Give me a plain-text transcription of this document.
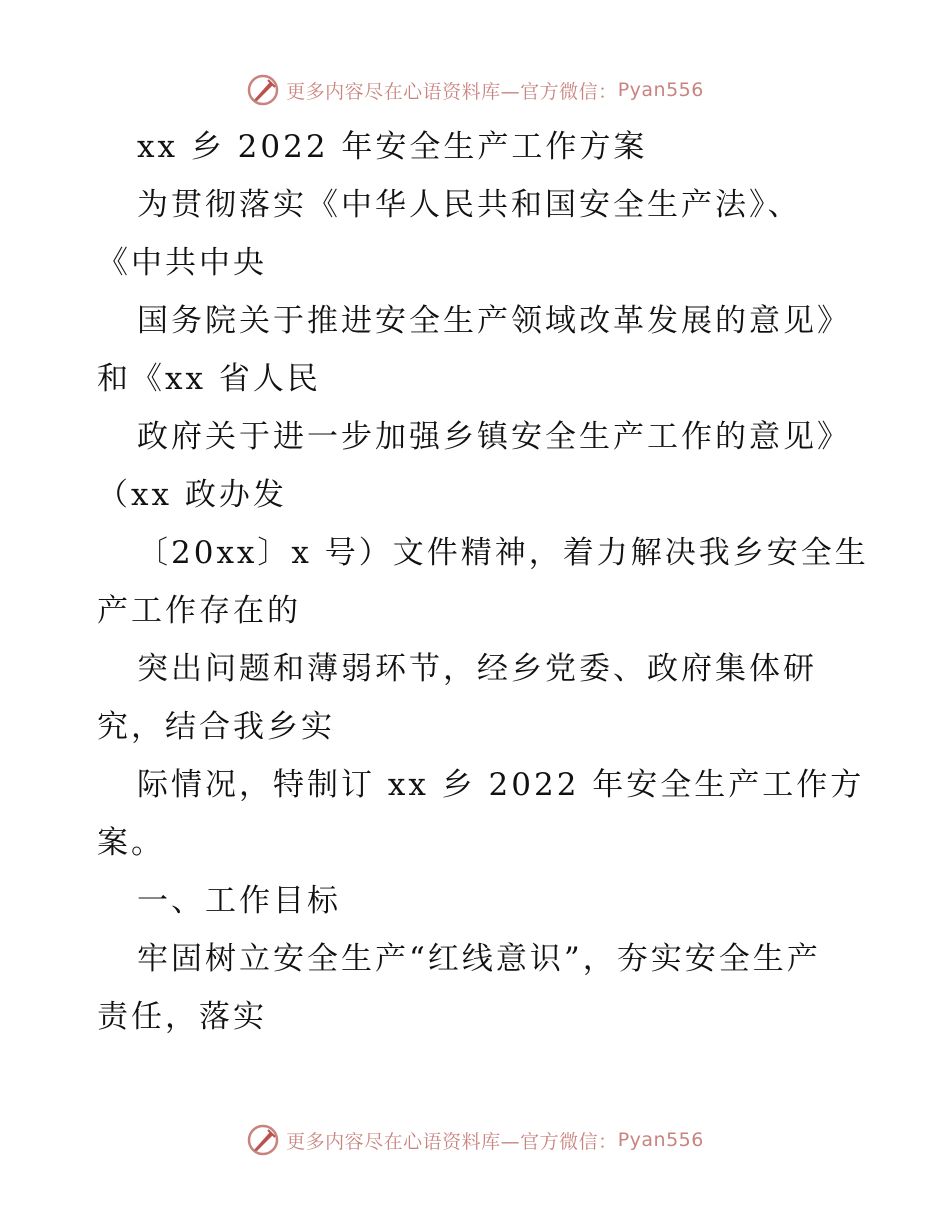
更多内容尽在心语资料库 —官方微信： Pyan556
xx 乡 2022 年安全生产工作方案
为贯彻落实《中华人民共和国安全生产法》、
《中共中央
国务院关于推进安全生产领域改革发展的意见》
和《xx 省人民
政府关于进一步加强乡镇安全生产工作的意见》
（xx 政办发
〔20xx〕x 号）文件精神，着力解决我乡安全生
产工作存在的
突出问题和薄弱环节，经乡党委、政府集体研
究，结合我乡实
际情况，特制订 xx 乡 2022 年安全生产工作方
案。
一、工作目标
牢固树立安全生产“红线意识”，夯实安全生产
责任，落实
更多内容尽在心语资料库 —官方微信： Pyan556
